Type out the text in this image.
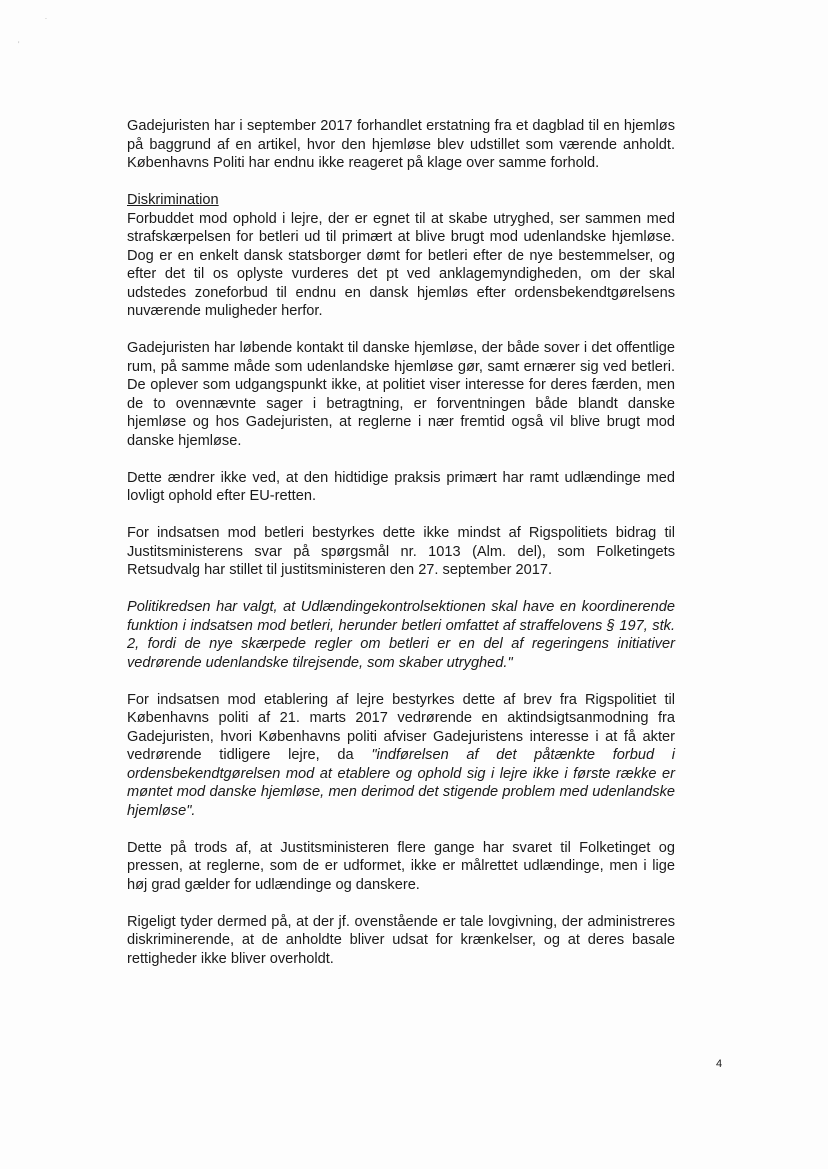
.
ʼ

Gadejuristen har i september 2017 forhandlet erstatning fra et dagblad til en hjemløs på baggrund af en artikel, hvor den hjemløse blev udstillet som værende anholdt. Københavns Politi har endnu ikke reageret på klage over samme forhold.

Diskrimination

Forbuddet mod ophold i lejre, der er egnet til at skabe utryghed, ser sammen med strafskærpelsen for betleri ud til primært at blive brugt mod udenlandske hjemløse. Dog er en enkelt dansk statsborger dømt for betleri efter de nye bestemmelser, og efter det til os oplyste vurderes det pt ved anklagemyndigheden, om der skal udstedes zoneforbud til endnu en dansk hjemløs efter ordensbekendtgørelsens nuværende muligheder herfor.

Gadejuristen har løbende kontakt til danske hjemløse, der både sover i det offentlige rum, på samme måde som udenlandske hjemløse gør, samt ernærer sig ved betleri. De oplever som udgangspunkt ikke, at politiet viser interesse for deres færden, men de to ovennævnte sager i betragtning, er forventningen både blandt danske hjemløse og hos Gadejuristen, at reglerne i nær fremtid også vil blive brugt mod danske hjemløse.

Dette ændrer ikke ved, at den hidtidige praksis primært har ramt udlændinge med lovligt ophold efter EU-retten.

For indsatsen mod betleri bestyrkes dette ikke mindst af Rigspolitiets bidrag til Justitsministerens svar på spørgsmål nr. 1013 (Alm. del), som Folketingets Retsudvalg har stillet til justitsministeren den 27. september 2017.

Politikredsen har valgt, at Udlændingekontrolsektionen skal have en koordinerende funktion i indsatsen mod betleri, herunder betleri omfattet af straffelovens § 197, stk. 2, fordi de nye skærpede regler om betleri er en del af regeringens initiativer vedrørende udenlandske tilrejsende, som skaber utryghed."

For indsatsen mod etablering af lejre bestyrkes dette af brev fra Rigspolitiet til Københavns politi af 21. marts 2017 vedrørende en aktindsigtsanmodning fra Gadejuristen, hvori Københavns politi afviser Gadejuristens interesse i at få akter vedrørende tidligere lejre, da "indførelsen af det påtænkte forbud i ordensbekendtgørelsen mod at etablere og ophold sig i lejre ikke i første række er møntet mod danske hjemløse, men derimod det stigende problem med udenlandske hjemløse".

Dette på trods af, at Justitsministeren flere gange har svaret til Folketinget og pressen, at reglerne, som de er udformet, ikke er målrettet udlændinge, men i lige høj grad gælder for udlændinge og danskere.

Rigeligt tyder dermed på, at der jf. ovenstående er tale lovgivning, der administreres diskriminerende, at de anholdte bliver udsat for krænkelser, og at deres basale rettigheder ikke bliver overholdt.

4
